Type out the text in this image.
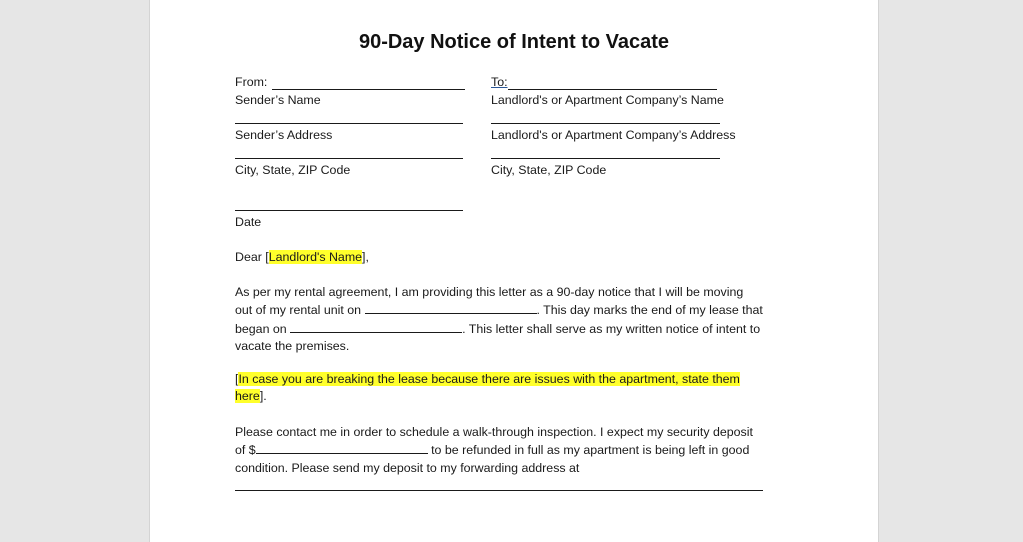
90-Day Notice of Intent to Vacate
From:
Sender’s Name
Sender’s Address
City, State, ZIP Code
Date
To:
Landlord's or Apartment Company’s Name
Landlord's or Apartment Company’s Address
City, State, ZIP Code
Dear [Landlord's Name],
As per my rental agreement, I am providing this letter as a 90-day notice that I will be moving
out of my rental unit on	. This day marks the end of my lease that
began on	. This letter shall serve as my written notice of intent to
vacate the premises.
[In case you are breaking the lease because there are issues with the apartment, state them
here].
Please contact me in order to schedule a walk-through inspection. I expect my security deposit
of $	to be refunded in full as my apartment is being left in good
condition. Please send my deposit to my forwarding address at
